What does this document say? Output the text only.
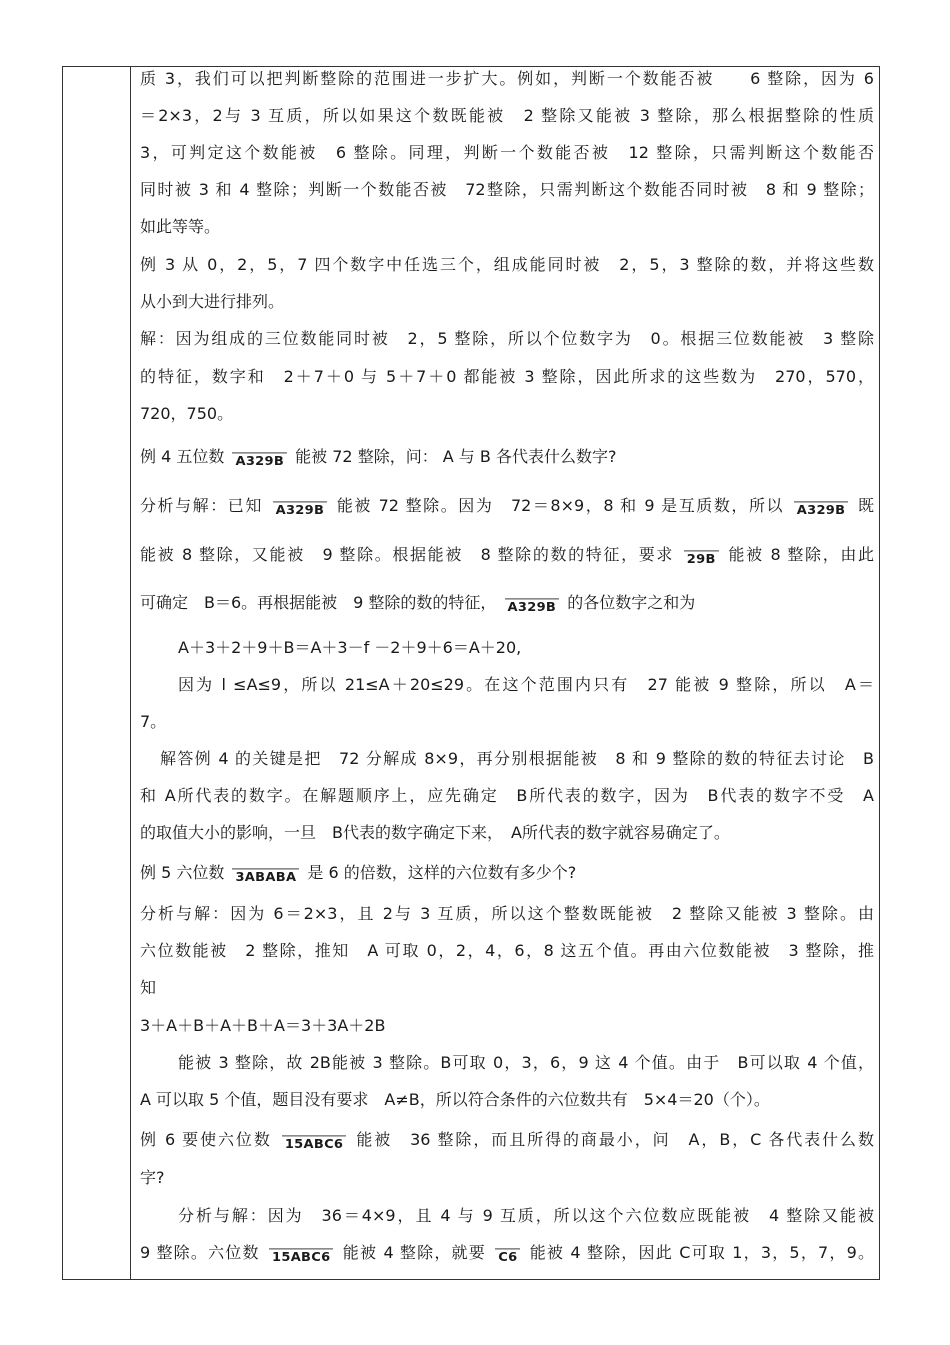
质 3，我们可以把判断整除的范围进一步扩大。例如，判断一个数能否被　　6 整除，因为 6
＝2×3，2与 3 互质，所以如果这个数既能被　2 整除又能被 3 整除，那么根据整除的性质
3，可判定这个数能被　6 整除。同理，判断一个数能否被　12 整除，只需判断这个数能否
同时被 3 和 4 整除；判断一个数能否被　72整除，只需判断这个数能否同时被　8 和 9 整除；
如此等等。
例 3 从 0，2，5，7 四个数字中任选三个，组成能同时被　2，5，3 整除的数，并将这些数
从小到大进行排列。
解：因为组成的三位数能同时被　2，5 整除，所以个位数字为　0。根据三位数能被　3 整除
的特征，数字和　2＋7＋0 与 5＋7＋0 都能被 3 整除，因此所求的这些数为　270，570，
720，750。
例 4 五位数 A329B 能被 72 整除，问： A 与 B 各代表什么数字?
分析与解：已知 A329B 能被 72 整除。因为　72＝8×9，8 和 9 是互质数，所以 A329B 既
能被 8 整除，又能被　9 整除。根据能被　8 整除的数的特征，要求 29B 能被 8 整除，由此
可确定　B＝6。再根据能被　9 整除的数的特征， A329B 的各位数字之和为
A＋3＋2＋9＋B＝A＋3－f －2＋9＋6＝A＋20,
因为 l ≤A≤9，所以 21≤A＋20≤29。在这个范围内只有　27 能被 9 整除，所以　A＝
7。
解答例 4 的关键是把　72 分解成 8×9，再分别根据能被　8 和 9 整除的数的特征去讨论　B
和 A所代表的数字。在解题顺序上，应先确定　B所代表的数字，因为　B代表的数字不受　A
的取值大小的影响，一旦　B代表的数字确定下来，　A所代表的数字就容易确定了。
例 5 六位数 3ABABA 是 6 的倍数，这样的六位数有多少个?
分析与解：因为 6＝2×3，且 2与 3 互质，所以这个整数既能被　2 整除又能被 3 整除。由
六位数能被　2 整除，推知　A 可取 0，2，4，6，8 这五个值。再由六位数能被　3 整除，推
知
3＋A＋B＋A＋B＋A＝3＋3A＋2B
能被 3 整除，故 2B能被 3 整除。B可取 0，3，6，9 这 4 个值。由于　B可以取 4 个值，
A 可以取 5 个值，题目没有要求　A≠B，所以符合条件的六位数共有　5×4＝20（个）。
例 6 要使六位数 15ABC6 能被　36 整除，而且所得的商最小，问　A，B，C 各代表什么数
字?
分析与解：因为　36＝4×9，且 4 与 9 互质，所以这个六位数应既能被　4 整除又能被
9 整除。六位数 15ABC6 能被 4 整除，就要 C6 能被 4 整除，因此 C可取 1，3，5，7，9。
